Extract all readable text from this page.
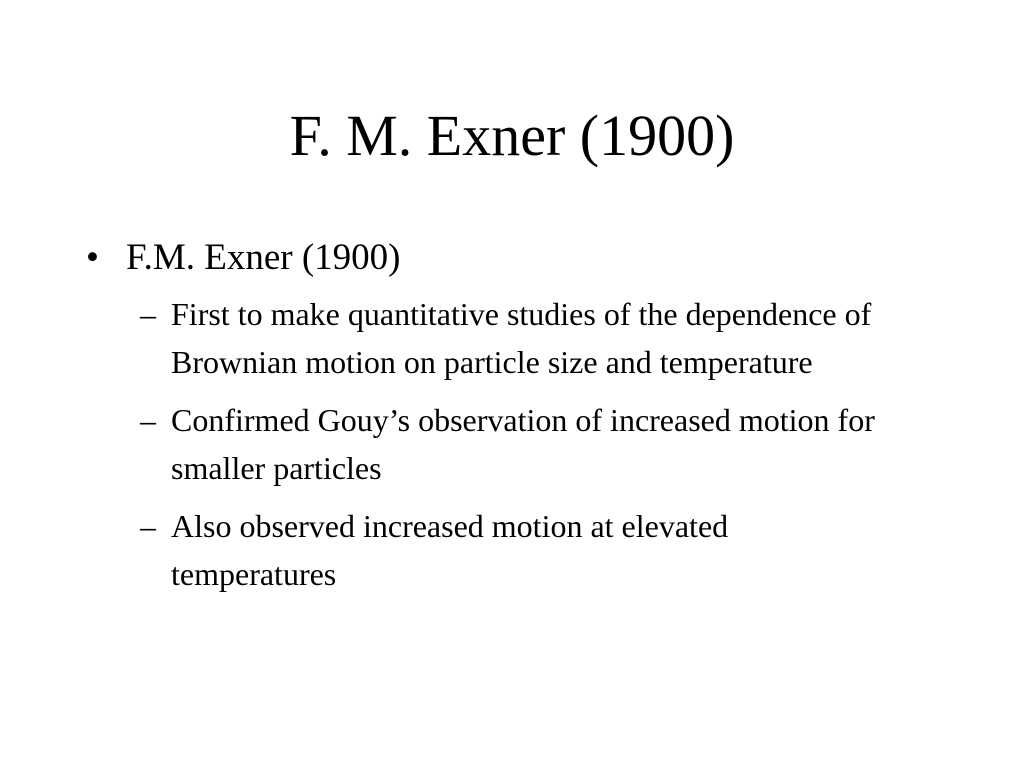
F. M. Exner (1900)
• F.M. Exner (1900)
– First to make quantitative studies of the dependence of Brownian motion on particle size and temperature
– Confirmed Gouy’s observation of increased motion for smaller particles
– Also observed increased motion at elevated temperatures
